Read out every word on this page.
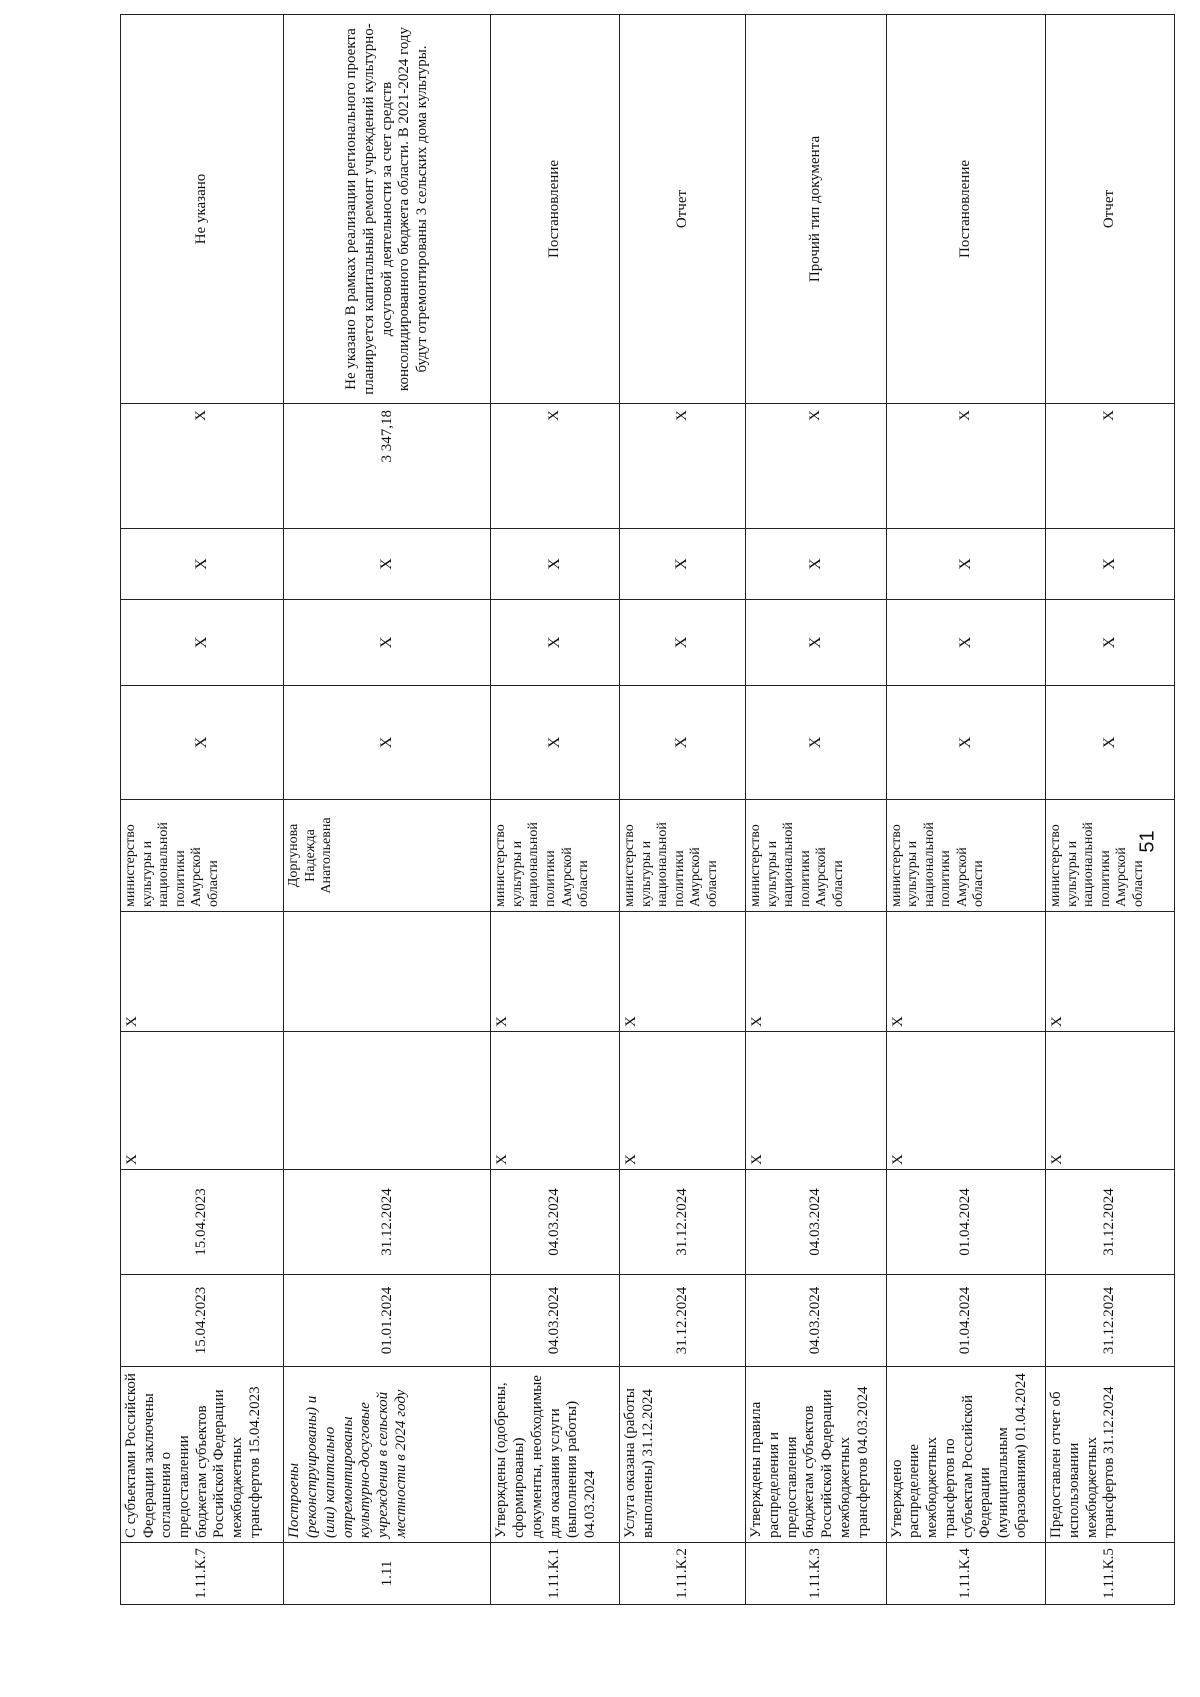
1.11.К.7	С субъектами Российской Федерации заключены соглашения о предоставлении бюджетам субъектов Российской Федерации межбюджетных трансфертов 15.04.2023	15.04.2023	15.04.2023	X	X	министерство культуры и национальной политики Амурской области	X	X	X	X	Не указано
1.11	Построены (реконструированы) и (или) капитально отремонтированы культурно-досуговые учреждения в сельской местности в 2024 году	01.01.2024	31.12.2024			Доргунова Надежда Анатольевна	X	X	X	3 347,18	Не указано В рамках реализации регионального проекта планируется капитальный ремонт учреждений культурно-досуговой деятельности за счет средств консолидированного бюджета области. В 2021-2024 году будут отремонтированы 3 сельских дома культуры.
1.11.К.1	Утверждены (одобрены, сформированы) документы, необходимые для оказания услуги (выполнения работы) 04.03.2024	04.03.2024	04.03.2024	X	X	министерство культуры и национальной политики Амурской области	X	X	X	X	Постановление
1.11.К.2	Услуга оказана (работы выполнены) 31.12.2024	31.12.2024	31.12.2024	X	X	министерство культуры и национальной политики Амурской области	X	X	X	X	Отчет
1.11.К.3	Утверждены правила распределения и предоставления бюджетам субъектов Российской Федерации межбюджетных трансфертов 04.03.2024	04.03.2024	04.03.2024	X	X	министерство культуры и национальной политики Амурской области	X	X	X	X	Прочий тип документа
1.11.К.4	Утверждено распределение межбюджетных трансфертов по субъектам Российской Федерации (муниципальным образованиям) 01.04.2024	01.04.2024	01.04.2024	X	X	министерство культуры и национальной политики Амурской области	X	X	X	X	Постановление
1.11.К.5	Предоставлен отчет об использовании межбюджетных трансфертов 31.12.2024	31.12.2024	31.12.2024	X	X	министерство культуры и национальной политики Амурской области	X	X	X	X	Отчет
51
